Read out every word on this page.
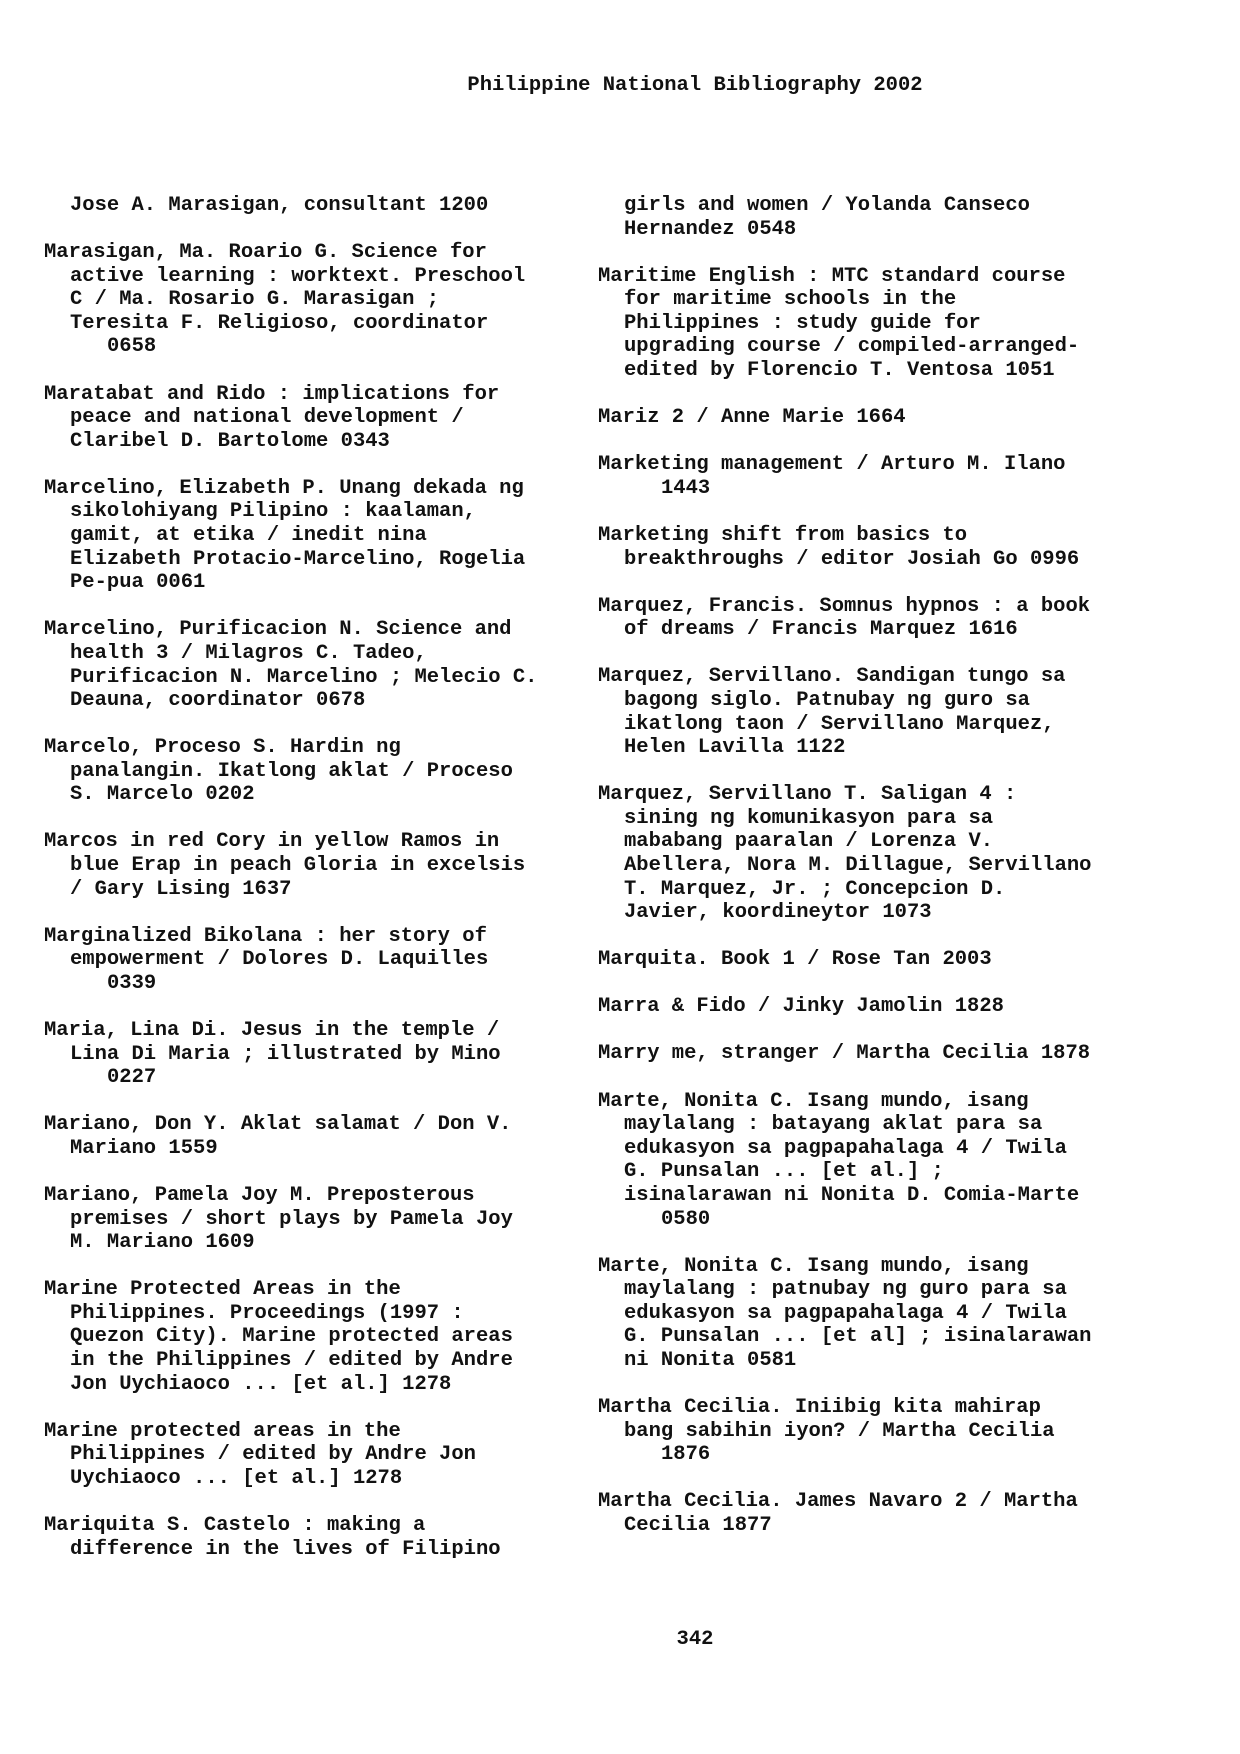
Philippine National Bibliography 2002
Jose A. Marasigan, consultant 1200
Marasigan, Ma. Roario G. Science for
active learning : worktext. Preschool
C / Ma. Rosario G. Marasigan ;
Teresita F. Religioso, coordinator
0658
Maratabat and Rido : implications for
peace and national development /
Claribel D. Bartolome 0343
Marcelino, Elizabeth P. Unang dekada ng
sikolohiyang Pilipino : kaalaman,
gamit, at etika / inedit nina
Elizabeth Protacio-Marcelino, Rogelia
Pe-pua 0061
Marcelino, Purificacion N. Science and
health 3 / Milagros C. Tadeo,
Purificacion N. Marcelino ; Melecio C.
Deauna, coordinator 0678
Marcelo, Proceso S. Hardin ng
panalangin. Ikatlong aklat / Proceso
S. Marcelo 0202
Marcos in red Cory in yellow Ramos in
blue Erap in peach Gloria in excelsis
/ Gary Lising 1637
Marginalized Bikolana : her story of
empowerment / Dolores D. Laquilles
0339
Maria, Lina Di. Jesus in the temple /
Lina Di Maria ; illustrated by Mino
0227
Mariano, Don Y. Aklat salamat / Don V.
Mariano 1559
Mariano, Pamela Joy M. Preposterous
premises / short plays by Pamela Joy
M. Mariano 1609
Marine Protected Areas in the
Philippines. Proceedings (1997 :
Quezon City). Marine protected areas
in the Philippines / edited by Andre
Jon Uychiaoco ... [et al.] 1278
Marine protected areas in the
Philippines / edited by Andre Jon
Uychiaoco ... [et al.] 1278
Mariquita S. Castelo : making a
difference in the lives of Filipino
girls and women / Yolanda Canseco
Hernandez 0548
Maritime English : MTC standard course
for maritime schools in the
Philippines : study guide for
upgrading course / compiled-arranged-
edited by Florencio T. Ventosa 1051
Mariz 2 / Anne Marie 1664
Marketing management / Arturo M. Ilano
1443
Marketing shift from basics to
breakthroughs / editor Josiah Go 0996
Marquez, Francis. Somnus hypnos : a book
of dreams / Francis Marquez 1616
Marquez, Servillano. Sandigan tungo sa
bagong siglo. Patnubay ng guro sa
ikatlong taon / Servillano Marquez,
Helen Lavilla 1122
Marquez, Servillano T. Saligan 4 :
sining ng komunikasyon para sa
mababang paaralan / Lorenza V.
Abellera, Nora M. Dillague, Servillano
T. Marquez, Jr. ; Concepcion D.
Javier, koordineytor 1073
Marquita. Book 1 / Rose Tan 2003
Marra & Fido / Jinky Jamolin 1828
Marry me, stranger / Martha Cecilia 1878
Marte, Nonita C. Isang mundo, isang
maylalang : batayang aklat para sa
edukasyon sa pagpapahalaga 4 / Twila
G. Punsalan ... [et al.] ;
isinalarawan ni Nonita D. Comia-Marte
0580
Marte, Nonita C. Isang mundo, isang
maylalang : patnubay ng guro para sa
edukasyon sa pagpapahalaga 4 / Twila
G. Punsalan ... [et al] ; isinalarawan
ni Nonita 0581
Martha Cecilia. Iniibig kita mahirap
bang sabihin iyon? / Martha Cecilia
1876
Martha Cecilia. James Navaro 2 / Martha
Cecilia 1877
342
